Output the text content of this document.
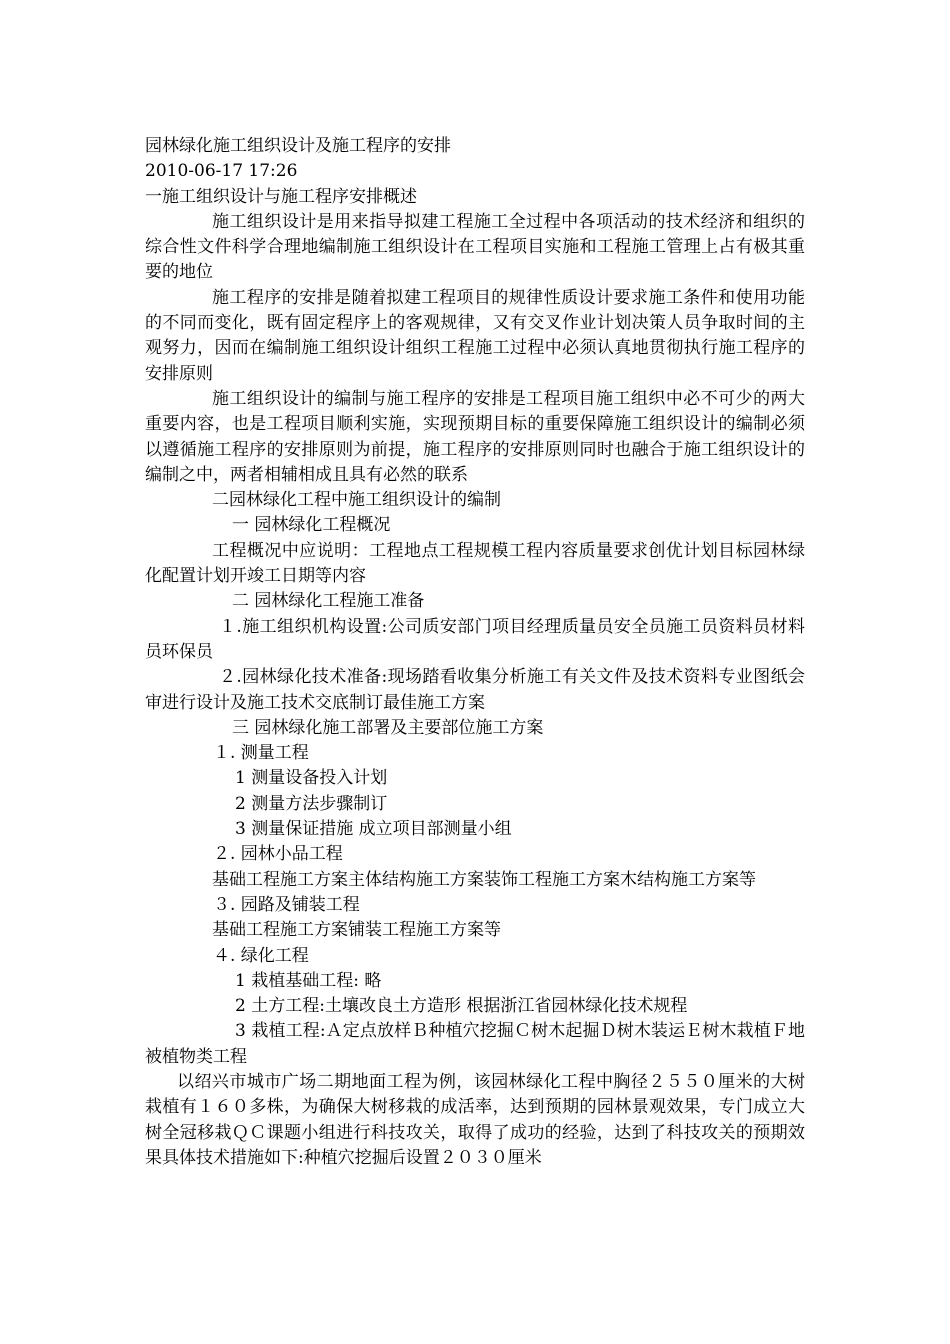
园林绿化施工组织设计及施工程序的安排

2010-06-17 17:26

一施工组织设计与施工程序安排概述

施工组织设计是用来指导拟建工程施工全过程中各项活动的技术经济和组织的综合性文件科学合理地编制施工组织设计在工程项目实施和工程施工管理上占有极其重要的地位

施工程序的安排是随着拟建工程项目的规律性质设计要求施工条件和使用功能的不同而变化，既有固定程序上的客观规律，又有交叉作业计划决策人员争取时间的主观努力，因而在编制施工组织设计组织工程施工过程中必须认真地贯彻执行施工程序的安排原则

施工组织设计的编制与施工程序的安排是工程项目施工组织中必不可少的两大重要内容，也是工程项目顺利实施，实现预期目标的重要保障施工组织设计的编制必须以遵循施工程序的安排原则为前提，施工程序的安排原则同时也融合于施工组织设计的编制之中，两者相辅相成且具有必然的联系

二园林绿化工程中施工组织设计的编制

一 园林绿化工程概况

工程概况中应说明：工程地点工程规模工程内容质量要求创优计划目标园林绿化配置计划开竣工日期等内容

二 园林绿化工程施工准备

１.施工组织机构设置:公司质安部门项目经理质量员安全员施工员资料员材料员环保员

２.园林绿化技术准备:现场踏看收集分析施工有关文件及技术资料专业图纸会审进行设计及施工技术交底制订最佳施工方案

三 园林绿化施工部署及主要部位施工方案

１. 测量工程

1 测量设备投入计划

2 测量方法步骤制订

3 测量保证措施 成立项目部测量小组

２. 园林小品工程

基础工程施工方案主体结构施工方案装饰工程施工方案木结构施工方案等

３. 园路及铺装工程

基础工程施工方案铺装工程施工方案等

４. 绿化工程

1 栽植基础工程: 略

2 土方工程:土壤改良土方造形 根据浙江省园林绿化技术规程

3 栽植工程:Ａ定点放样Ｂ种植穴挖掘Ｃ树木起掘Ｄ树木装运Ｅ树木栽植Ｆ地被植物类工程

以绍兴市城市广场二期地面工程为例，该园林绿化工程中胸径２５５０厘米的大树栽植有１６０多株，为确保大树移栽的成活率，达到预期的园林景观效果，专门成立大树全冠移栽ＱＣ课题小组进行科技攻关，取得了成功的经验，达到了科技攻关的预期效果具体技术措施如下:种植穴挖掘后设置２０３０厘米
